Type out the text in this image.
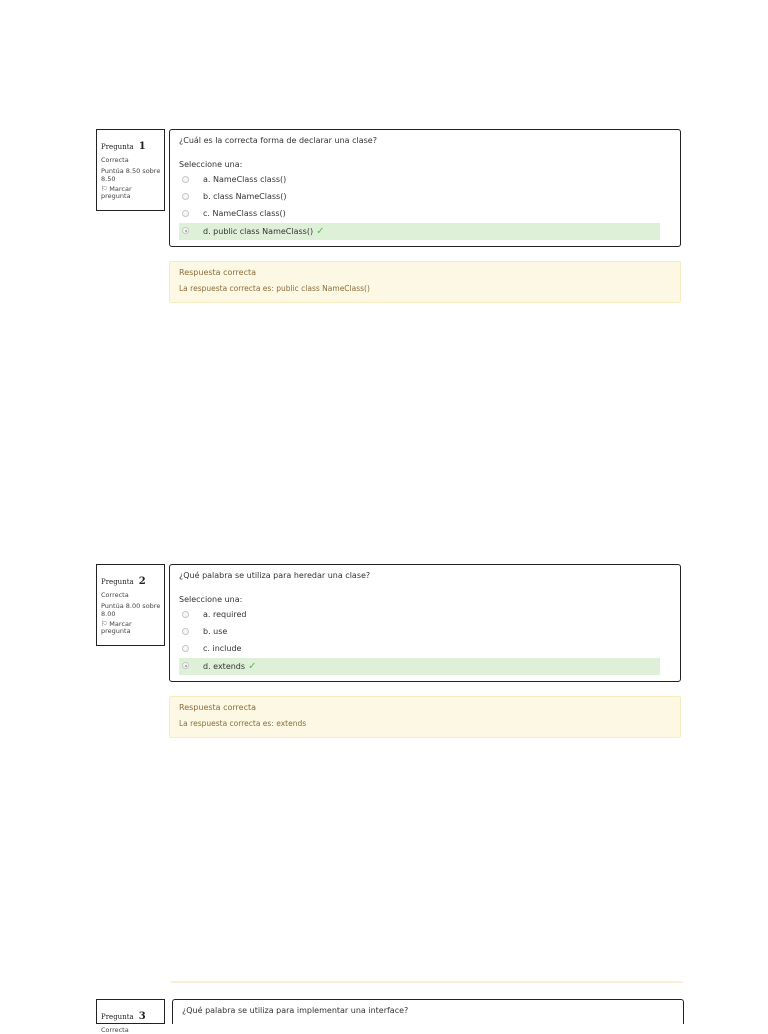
Pregunta 1
Correcta
Puntúa 8.50 sobre 8.50
⚐ Marcar pregunta
¿Cuál es la correcta forma de declarar una clase?
Seleccione una:
a. NameClass class()
b. class NameClass()
c. NameClass class()
d. public class NameClass() ✓
Respuesta correcta
La respuesta correcta es: public class NameClass()
Pregunta 2
Correcta
Puntúa 8.00 sobre 8.00
⚐ Marcar pregunta
¿Qué palabra se utiliza para heredar una clase?
Seleccione una:
a. required
b. use
c. include
d. extends ✓
Respuesta correcta
La respuesta correcta es: extends
Pregunta 3
Correcta
¿Qué palabra se utiliza para implementar una interface?
